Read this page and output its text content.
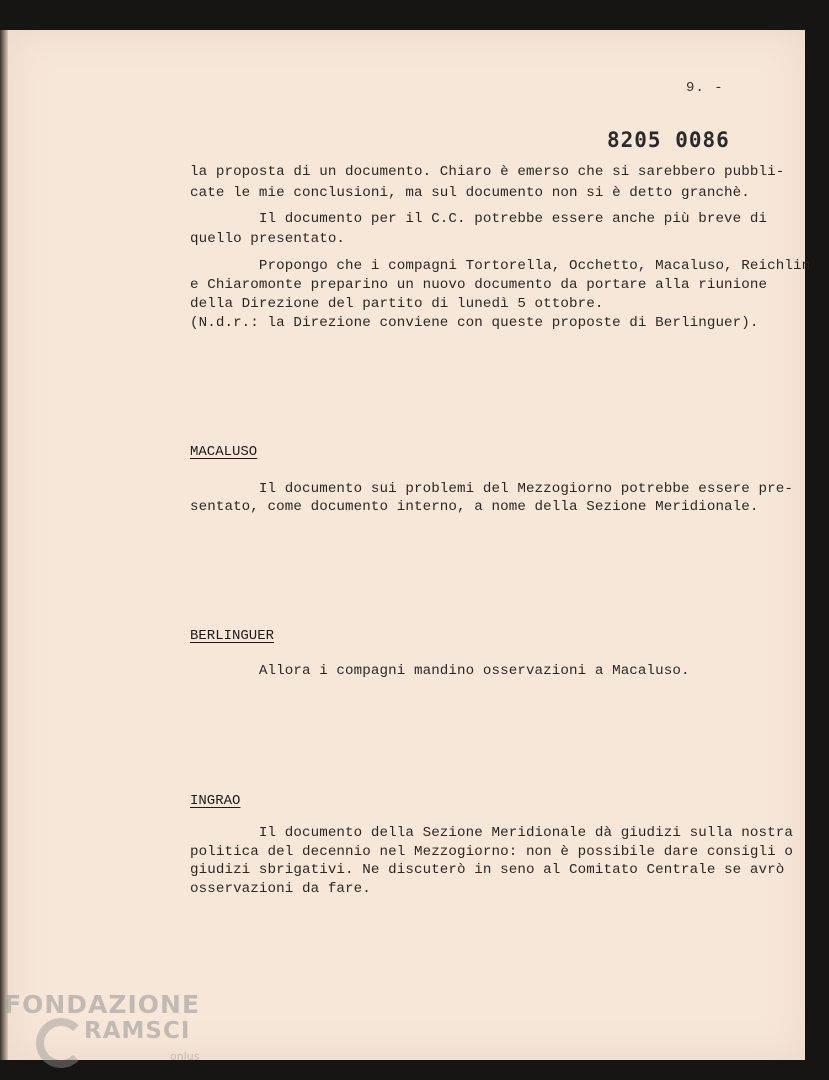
9. -
8205 0086
la proposta di un documento. Chiaro è emerso che si sarebbero pubbli-
cate le mie conclusioni, ma sul documento non si è detto granchè.
Il documento per il C.C. potrebbe essere anche più breve di
quello presentato.
Propongo che i compagni Tortorella, Occhetto, Macaluso, Reichlin
e Chiaromonte preparino un nuovo documento da portare alla riunione
della Direzione del partito di lunedì 5 ottobre.
(N.d.r.: la Direzione conviene con queste proposte di Berlinguer).
MACALUSO
Il documento sui problemi del Mezzogiorno potrebbe essere pre-
sentato, come documento interno, a nome della Sezione Meridionale.
BERLINGUER
Allora i compagni mandino osservazioni a Macaluso.
INGRAO
Il documento della Sezione Meridionale dà giudizi sulla nostra
politica del decennio nel Mezzogiorno: non è possibile dare consigli o
giudizi sbrigativi. Ne discuterò in seno al Comitato Centrale se avrò
osservazioni da fare.
FONDAZIONE
RAMSCI
onlus
